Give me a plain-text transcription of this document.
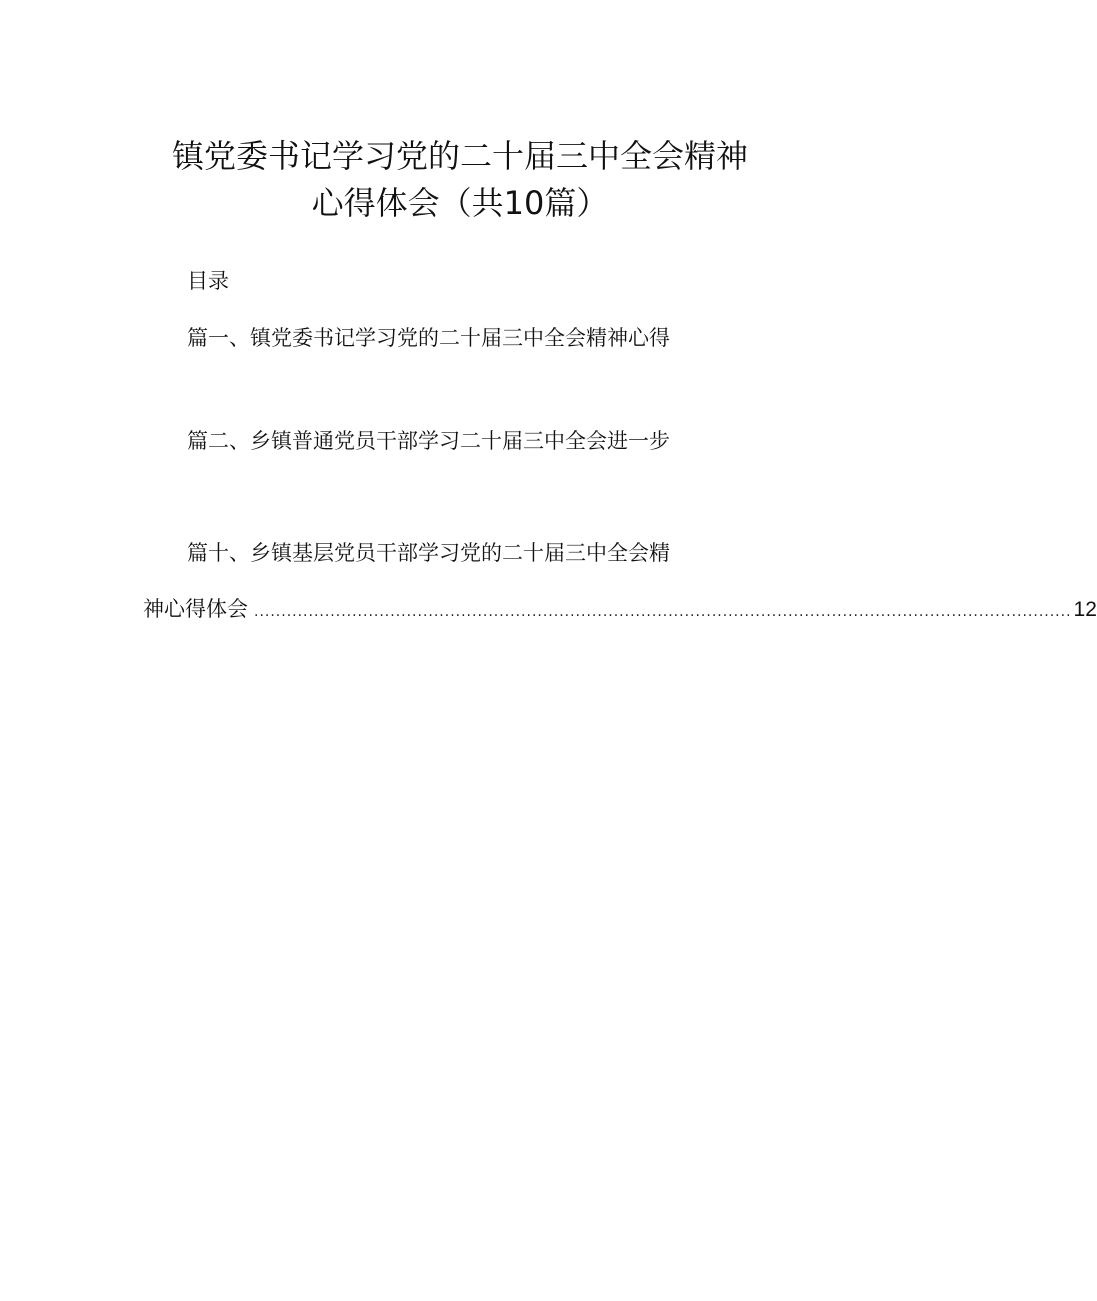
镇党委书记学习党的二十届三中全会精神
心得体会（共10篇）
目录
篇一、镇党委书记学习党的二十届三中全会精神心得
篇二、乡镇普通党员干部学习二十届三中全会进一步
篇十、乡镇基层党员干部学习党的二十届三中全会精
神心得体会 ...................................................................................................................................................... 12
